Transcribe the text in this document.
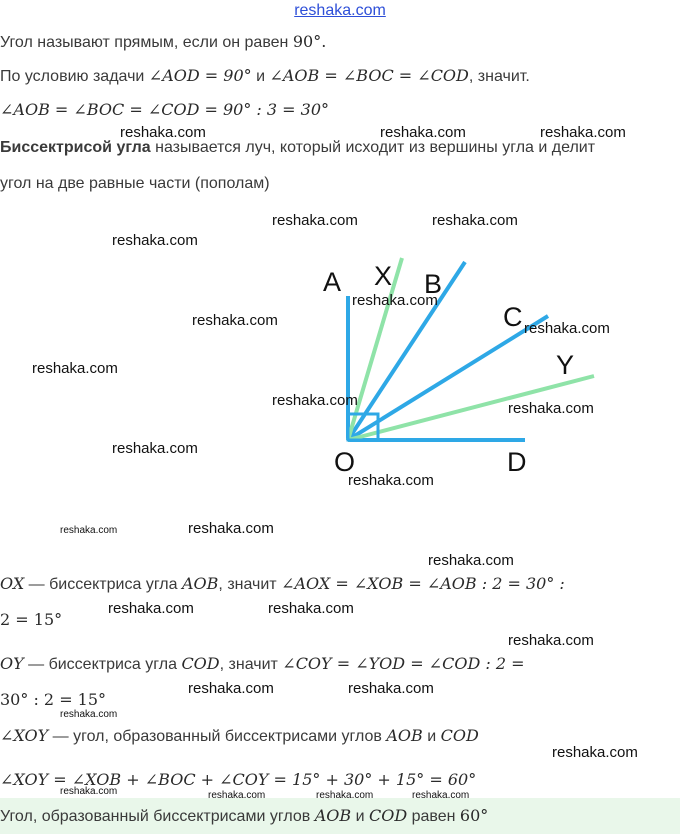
reshaka.com
Угол называют прямым, если он равен 90°.
По условию задачи ∠AOD = 90° и ∠AOB = ∠BOC = ∠COD, значит.
∠AOB = ∠BOC = ∠COD = 90° : 3 = 30°
Биссектрисой угла называется луч, который исходит из вершины угла и делит
угол на две равные части (пополам)
A X B
C
Y
O	D
OX — биссектриса угла AOB, значит ∠AOX = ∠XOB = ∠AOB : 2 = 30° :
2 = 15°
OY — биссектриса угла COD, значит ∠COY = ∠YOD = ∠COD : 2 =
30° : 2 = 15°
∠XOY — угол, образованный биссектрисами углов AOB и COD
∠XOY = ∠XOB + ∠BOC + ∠COY = 15° + 30° + 15° = 60°
Угол, образованный биссектрисами углов AOB и COD равен 60°
reshaka.com	reshaka.com	reshaka.com
reshaka.com	reshaka.com
reshaka.com
reshaka.com
reshaka.com	reshaka.com
reshaka.com
reshaka.com	reshaka.com
reshaka.com
reshaka.com
reshaka.com	reshaka.com
reshaka.com
reshaka.com	reshaka.com
reshaka.com
reshaka.com	reshaka.com
reshaka.com
reshaka.com
reshaka.com	reshaka.com	reshaka.com	reshaka.com
